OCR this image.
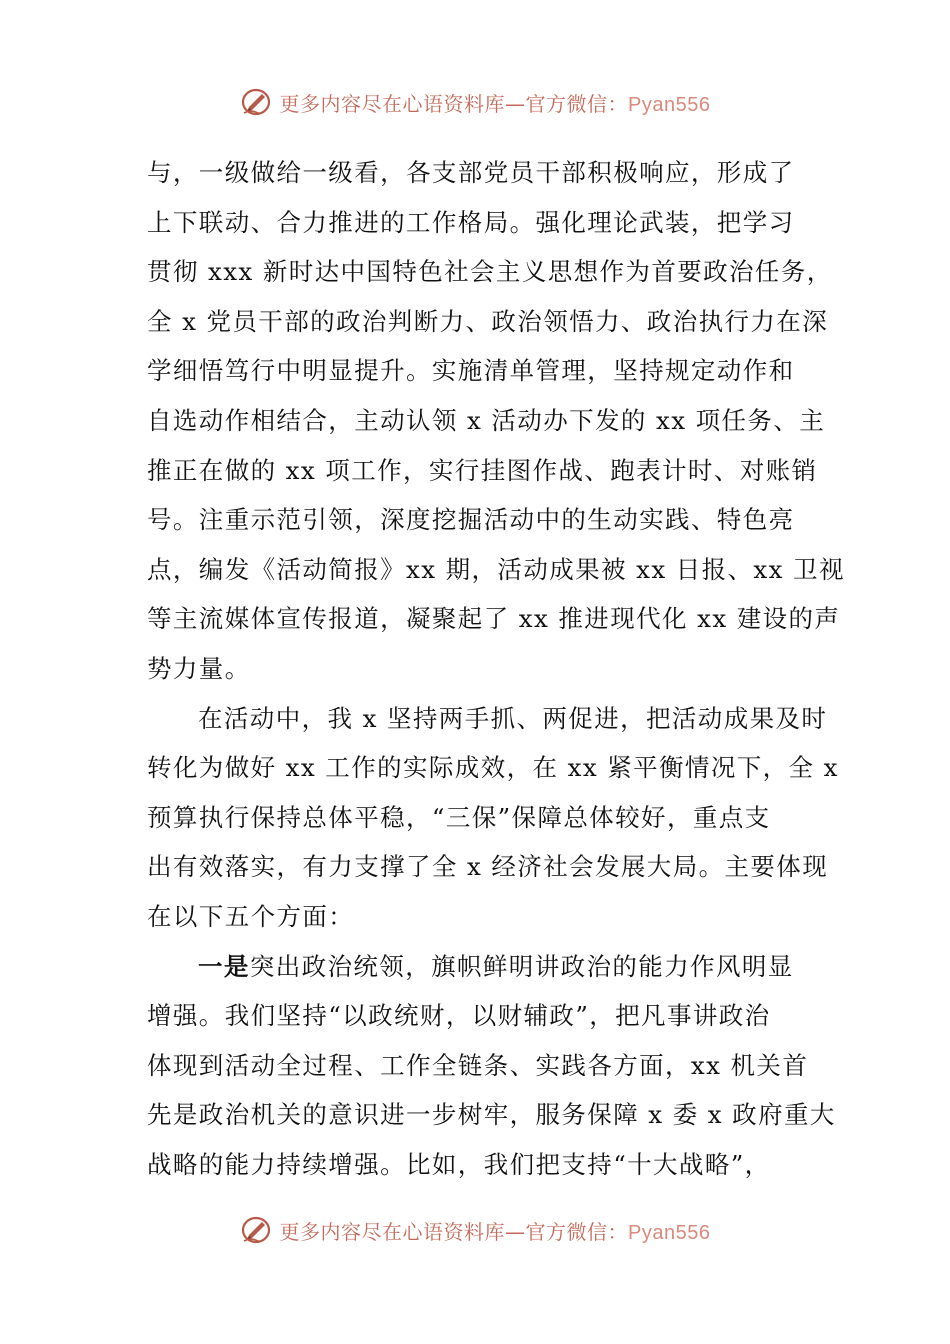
更多内容尽在心语资料库—官方微信：Pyan556
与，一级做给一级看，各支部党员干部积极响应，形成了
上下联动、合力推进的工作格局。强化理论武装，把学习
贯彻 xxx 新时达中国特色社会主义思想作为首要政治任务，
全 x 党员干部的政治判断力、政治领悟力、政治执行力在深
学细悟笃行中明显提升。实施清单管理，坚持规定动作和
自选动作相结合，主动认领 x 活动办下发的 xx 项任务、主
推正在做的 xx 项工作，实行挂图作战、跑表计时、对账销
号。注重示范引领，深度挖掘活动中的生动实践、特色亮
点，编发《活动简报》xx 期，活动成果被 xx 日报、xx 卫视
等主流媒体宣传报道，凝聚起了 xx 推进现代化 xx 建设的声
势力量。
在活动中，我 x 坚持两手抓、两促进，把活动成果及时
转化为做好 xx 工作的实际成效，在 xx 紧平衡情况下，全 x
预算执行保持总体平稳，“三保”保障总体较好，重点支
出有效落实，有力支撑了全 x 经济社会发展大局。主要体现
在以下五个方面：
一是突出政治统领，旗帜鲜明讲政治的能力作风明显
增强。我们坚持“以政统财，以财辅政”，把凡事讲政治
体现到活动全过程、工作全链条、实践各方面，xx 机关首
先是政治机关的意识进一步树牢，服务保障 x 委 x 政府重大
战略的能力持续增强。比如，我们把支持“十大战略”，
更多内容尽在心语资料库—官方微信：Pyan556
